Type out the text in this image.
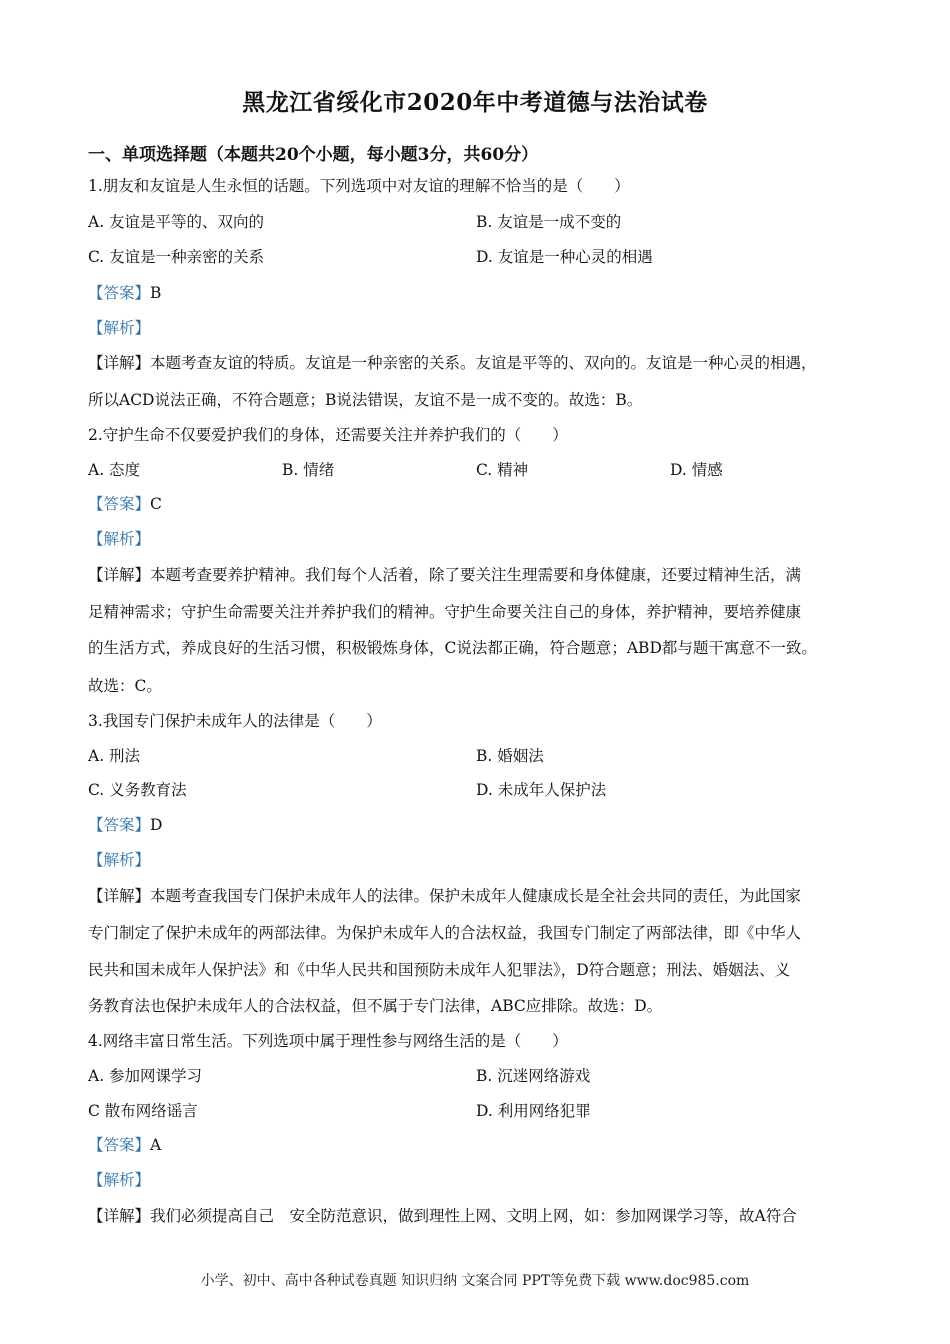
黑龙江省绥化市2020年中考道德与法治试卷
一、单项选择题（本题共20个小题，每小题3分，共60分）
1.朋友和友谊是人生永恒的话题。下列选项中对友谊的理解不恰当的是（　　）
A. 友谊是平等的、双向的	B. 友谊是一成不变的
C. 友谊是一种亲密的关系	D. 友谊是一种心灵的相遇
【答案】B
【解析】
【详解】本题考查友谊的特质。友谊是一种亲密的关系。友谊是平等的、双向的。友谊是一种心灵的相遇，
所以ACD说法正确，不符合题意；B说法错误，友谊不是一成不变的。故选：B。
2.守护生命不仅要爱护我们的身体，还需要关注并养护我们的（　　）
A. 态度	B. 情绪	C. 精神	D. 情感
【答案】C
【解析】
【详解】本题考查要养护精神。我们每个人活着，除了要关注生理需要和身体健康，还要过精神生活，满
足精神需求；守护生命需要关注并养护我们的精神。守护生命要关注自己的身体，养护精神，要培养健康
的生活方式，养成良好的生活习惯，积极锻炼身体，C说法都正确，符合题意；ABD都与题干寓意不一致。
故选：C。
3.我国专门保护未成年人的法律是（　　）
A. 刑法	B. 婚姻法
C. 义务教育法	D. 未成年人保护法
【答案】D
【解析】
【详解】本题考查我国专门保护未成年人的法律。保护未成年人健康成长是全社会共同的责任，为此国家
专门制定了保护未成年的两部法律。为保护未成年人的合法权益，我国专门制定了两部法律，即《中华人
民共和国未成年人保护法》和《中华人民共和国预防未成年人犯罪法》，D符合题意；刑法、婚姻法、义
务教育法也保护未成年人的合法权益，但不属于专门法律，ABC应排除。故选：D。
4.网络丰富日常生活。下列选项中属于理性参与网络生活的是（　　）
A. 参加网课学习	B. 沉迷网络游戏
C 散布网络谣言	D. 利用网络犯罪
【答案】A
【解析】
【详解】我们必须提高自己　安全防范意识，做到理性上网、文明上网，如：参加网课学习等，故A符合
小学、初中、高中各种试卷真题 知识归纳 文案合同 PPT等免费下载 www.doc985.com
